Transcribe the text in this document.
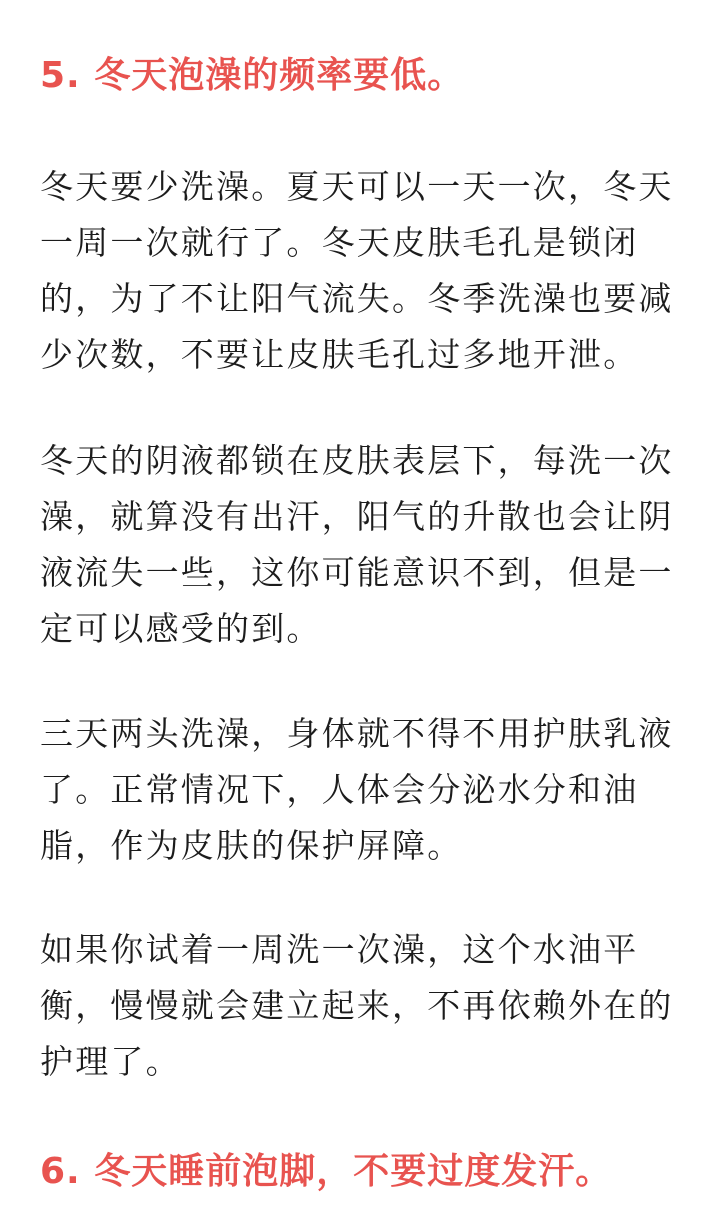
5. 冬天泡澡的频率要低。
冬天要少洗澡。夏天可以一天一次，冬天
一周一次就行了。冬天皮肤毛孔是锁闭
的，为了不让阳气流失。冬季洗澡也要减
少次数，不要让皮肤毛孔过多地开泄。
冬天的阴液都锁在皮肤表层下，每洗一次
澡，就算没有出汗，阳气的升散也会让阴
液流失一些，这你可能意识不到，但是一
定可以感受的到。
三天两头洗澡，身体就不得不用护肤乳液
了。正常情况下，人体会分泌水分和油
脂，作为皮肤的保护屏障。
如果你试着一周洗一次澡，这个水油平
衡，慢慢就会建立起来，不再依赖外在的
护理了。
6. 冬天睡前泡脚，不要过度发汗。
